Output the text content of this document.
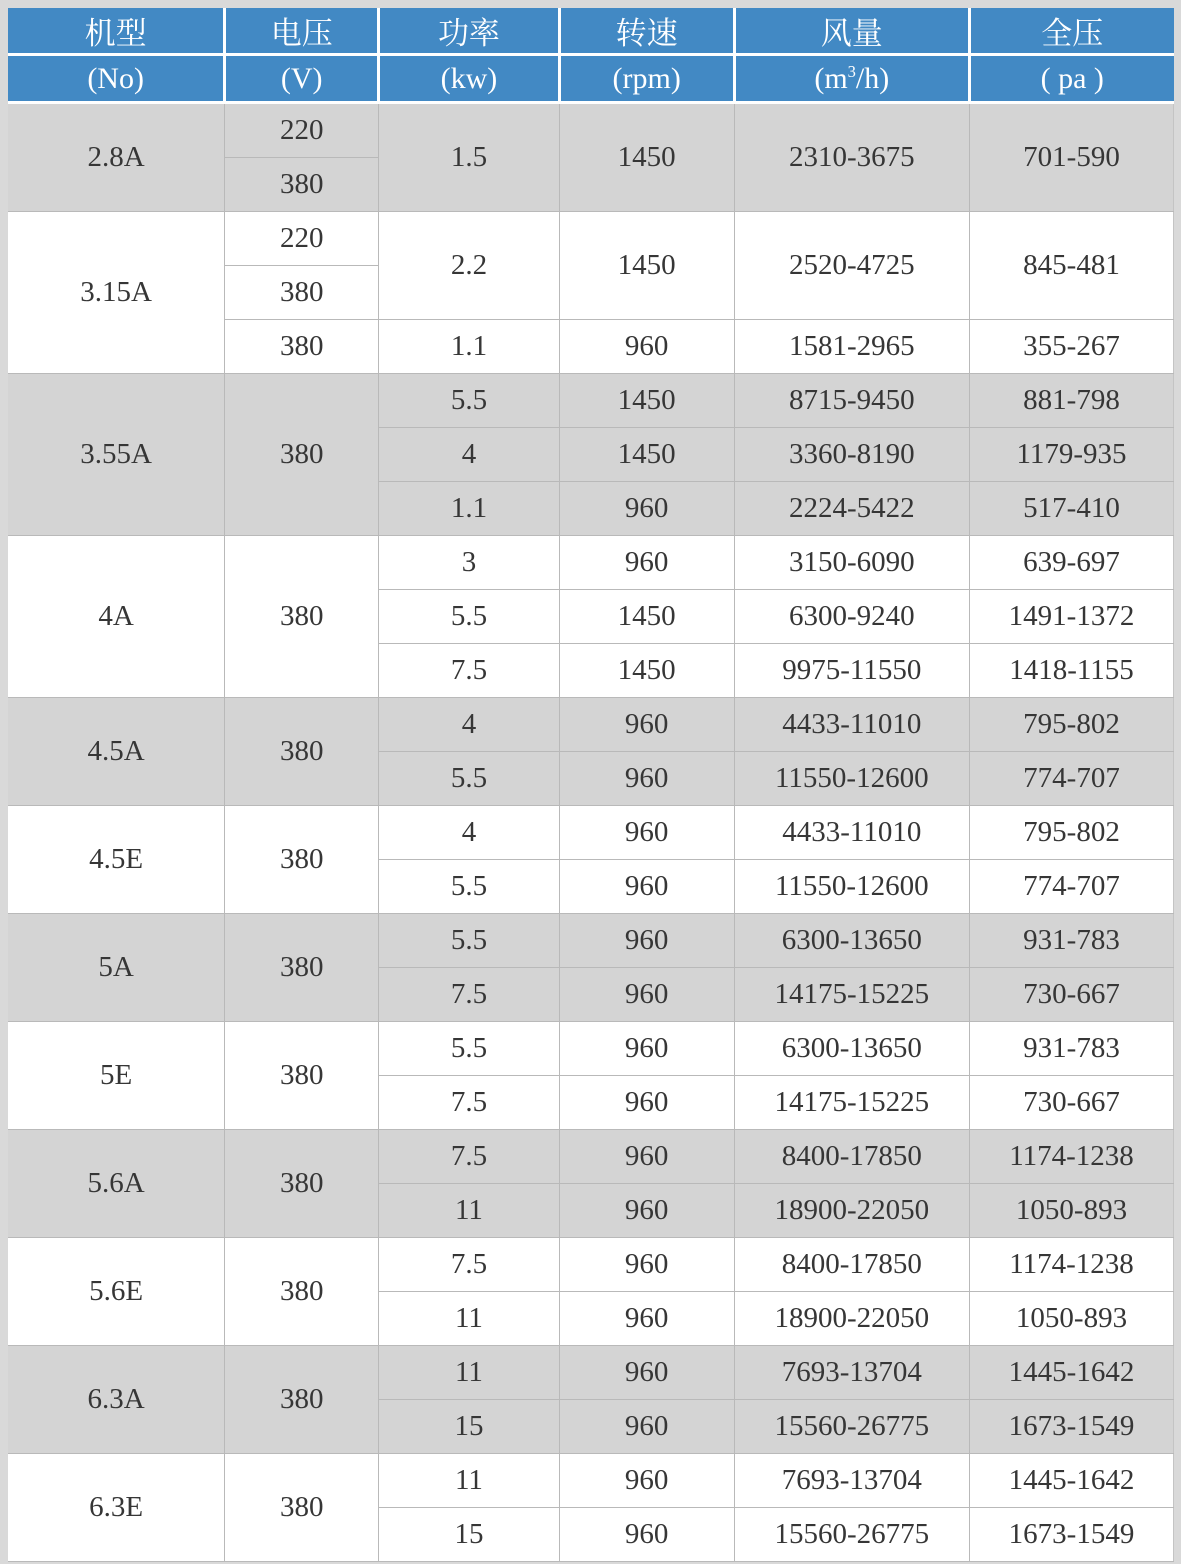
机型	电压	功率	转速	风量	全压
(No)	(V)	(kw)	(rpm)	$(m^3/h)$	( pa )
2.8A	220	1.5	1450	2310-3675	701-590
	380				
3.15A	220	2.2	1450	2520-4725	845-481
	380				
	380	1.1	960	1581-2965	355-267
3.55A	380	5.5	1450	8715-9450	881-798
		4	1450	3360-8190	1179-935
		1.1	960	2224-5422	517-410
4A	380	3	960	3150-6090	639-697
		5.5	1450	6300-9240	1491-1372
		7.5	1450	9975-11550	1418-1155
4.5A	380	4	960	4433-11010	795-802
		5.5	960	11550-12600	774-707
4.5E	380	4	960	4433-11010	795-802
		5.5	960	11550-12600	774-707
5A	380	5.5	960	6300-13650	931-783
		7.5	960	14175-15225	730-667
5E	380	5.5	960	6300-13650	931-783
		7.5	960	14175-15225	730-667
5.6A	380	7.5	960	8400-17850	1174-1238
		11	960	18900-22050	1050-893
5.6E	380	7.5	960	8400-17850	1174-1238
		11	960	18900-22050	1050-893
6.3A	380	11	960	7693-13704	1445-1642
		15	960	15560-26775	1673-1549
6.3E	380	11	960	7693-13704	1445-1642
		15	960	15560-26775	1673-1549
